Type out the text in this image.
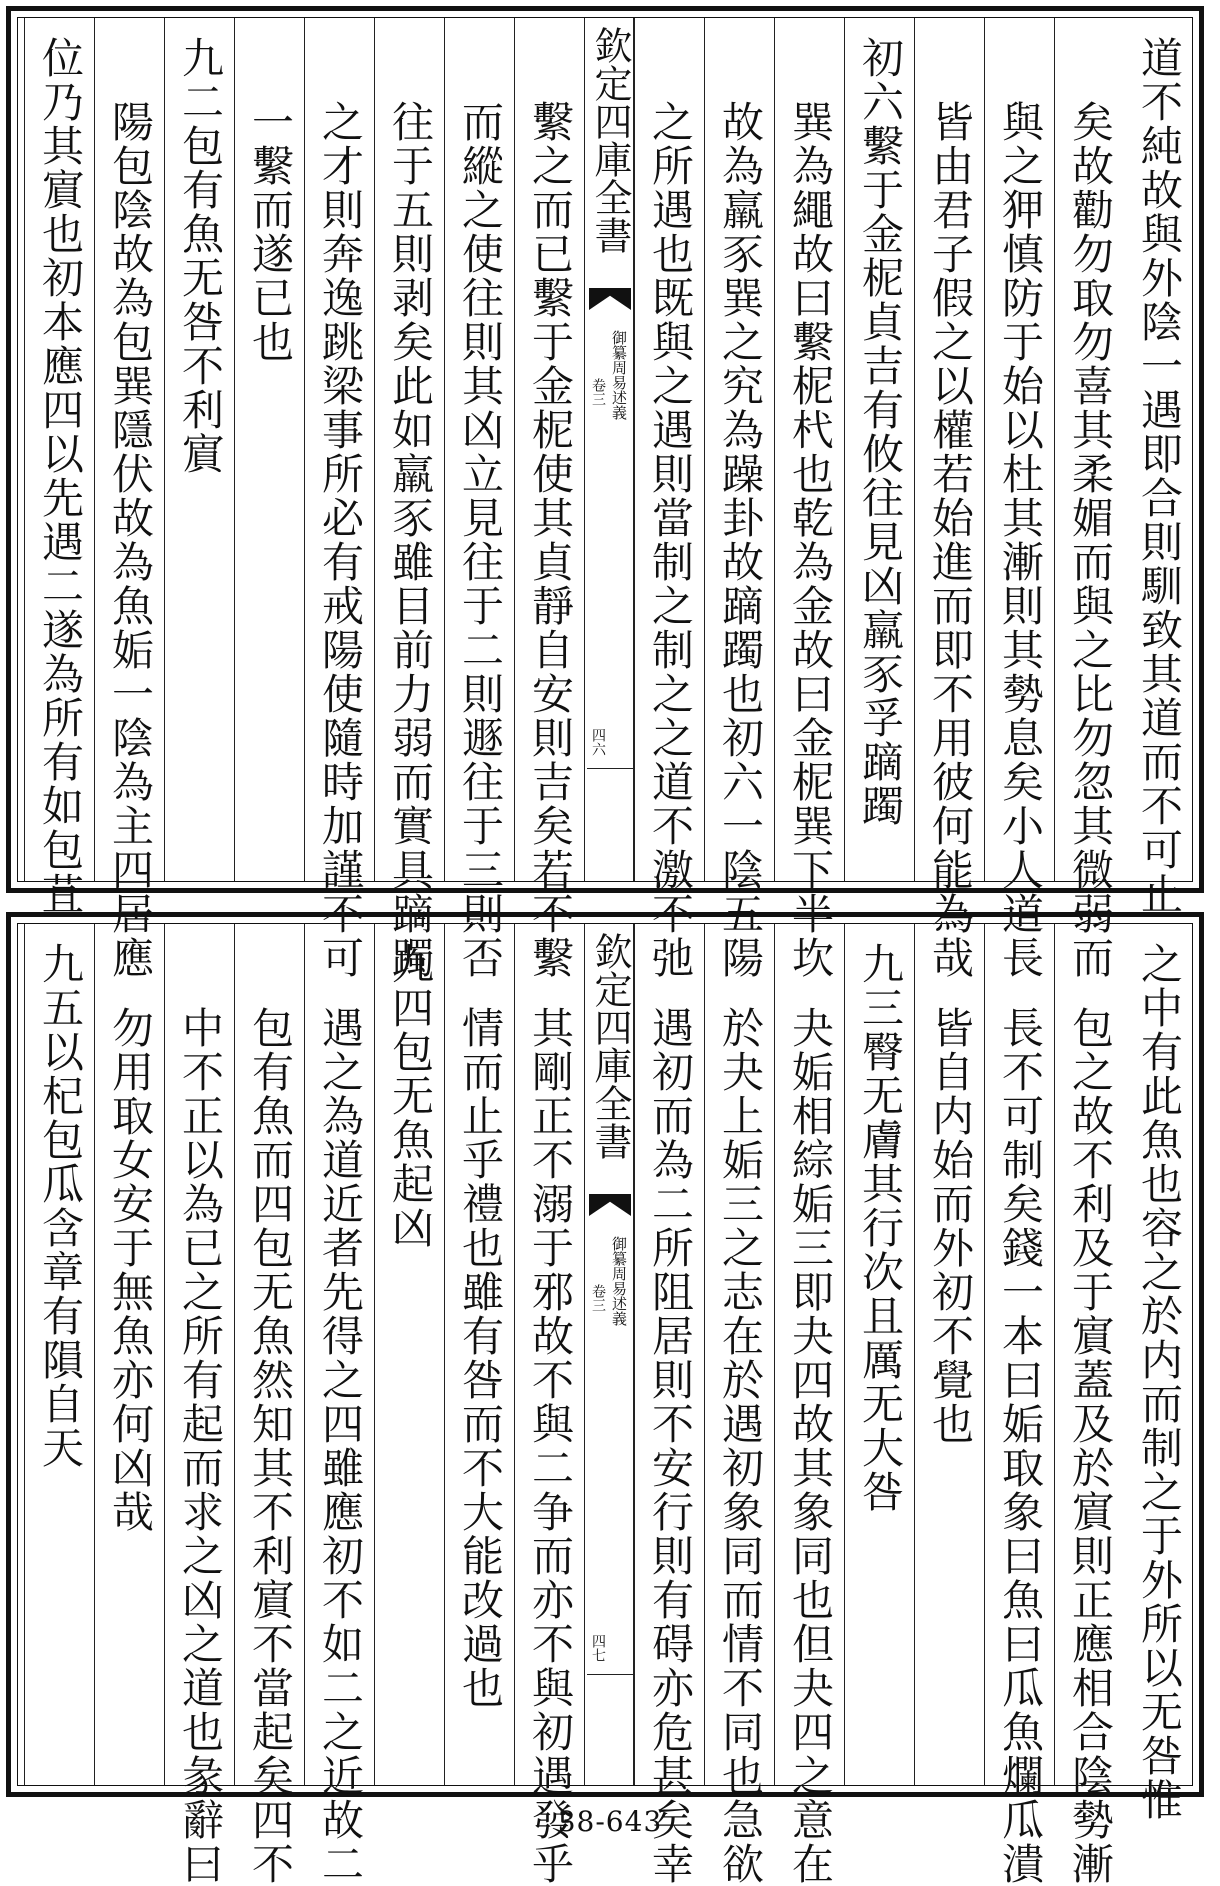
道不純故與外陰一遇即合則馴致其道而不可止
矣故勸勿取勿喜其柔媚而與之比勿忽其微弱而
與之狎慎防于始以杜其漸則其勢息矣小人道長
皆由君子假之以權若始進而即不用彼何能為哉
初六繫于金柅貞吉有攸往見凶羸豕孚蹢躅
巽為繩故曰繫柅杙也乾為金故曰金柅巽下半坎
故為羸豕巽之究為躁卦故蹢躅也初六一陰五陽
之所遇也既與之遇則當制之制之之道不激不弛
欽定四庫全書
御纂周易述義
卷三
四六
繫之而已繫于金柅使其貞靜自安則吉矣若不繫
而縱之使往則其凶立見往于二則遯往于三則否
往于五則剥矣此如羸豕雖目前力弱而實具蹢躅
之才則奔逸跳梁事所必有戒陽使隨時加謹不可
一繫而遂已也
九二包有魚无咎不利賔
陽包陰故為包巽隱伏故為魚姤一陰為主四居應
位乃其賔也初本應四以先遇二遂為所有如包苴
之中有此魚也容之於内而制之于外所以无咎惟
包之故不利及于賔蓋及於賔則正應相合陰勢漸
長不可制矣錢一本曰姤取象曰魚曰瓜魚爛瓜潰
皆自内始而外初不覺也
九三臀无膚其行次且厲无大咎
夬姤相綜姤三即夬四故其象同也但夬四之意在
於夬上姤三之志在於遇初象同而情不同也急欲
遇初而為二所阻居則不安行則有碍亦危甚矣幸
欽定四庫全書
御纂周易述義
卷三
四七
其剛正不溺于邪故不與二争而亦不與初遇發乎
情而止乎禮也雖有咎而不大能改過也
九四包无魚起凶
遇之為道近者先得之四雖應初不如二之近故二
包有魚而四包无魚然知其不利賔不當起矣四不
中不正以為已之所有起而求之凶之道也彖辭曰
勿用取女安于無魚亦何凶哉
九五以杞包瓜含章有隕自天
38-643
